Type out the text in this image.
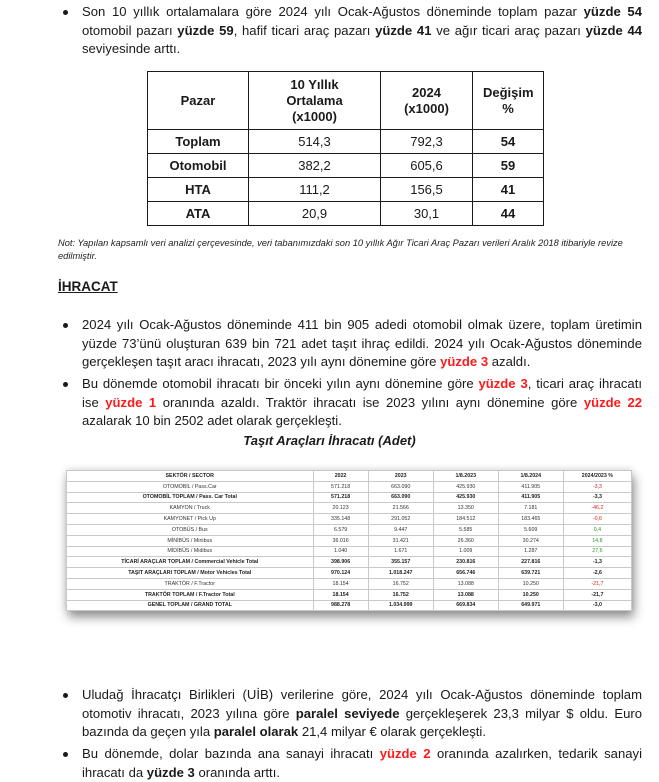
Son 10 yıllık ortalamalara göre 2024 yılı Ocak-Ağustos döneminde toplam pazar yüzde 54 otomobil pazarı yüzde 59, hafif ticari araç pazarı yüzde 41 ve ağır ticari araç pazarı yüzde 44 seviyesinde arttı.
Pazar	10 Yıllık Ortalama (x1000)	2024 (x1000)	Değişim %
Toplam	514,3	792,3	54
Otomobil	382,2	605,6	59
HTA	111,2	156,5	41
ATA	20,9	30,1	44
Not: Yapılan kapsamlı veri analizi çerçevesinde, veri tabanımızdaki son 10 yıllık Ağır Ticari Araç Pazarı verileri Aralık 2018 itibariyle revize edilmiştir.
İHRACAT
2024 yılı Ocak-Ağustos döneminde 411 bin 905 adedi otomobil olmak üzere, toplam üretimin yüzde 73’ünü oluşturan 639 bin 721 adet taşıt ihraç edildi. 2024 yılı Ocak-Ağustos döneminde gerçekleşen taşıt aracı ihracatı, 2023 yılı aynı dönemine göre yüzde 3 azaldı.
Bu dönemde otomobil ihracatı bir önceki yılın aynı dönemine göre yüzde 3, ticari araç ihracatı ise yüzde 1 oranında azaldı. Traktör ihracatı ise 2023 yılını aynı dönemine göre yüzde 22 azalarak 10 bin 2502 adet olarak gerçekleşti.
Taşıt Araçları İhracatı (Adet)
SEKTÖR / SECTOR	2022	2023	1/8.2023	1/8.2024	2024/2023 %
OTOMOBİL / Pass.Car	571.218	663.090	425.930	411.905	-3,3
OTOMOBİL TOPLAM / Pass. Car Total	571.218	663.090	425.930	411.905	-3,3
KAMYON / Truck	20.123	21.566	13.350	7.181	-46,2
KAMYONET / Pick Up	335.148	291.052	184.512	183.465	-0,6
OTOBÜS / Bus	6.579	9.447	5.585	5.609	0,4
MİNİBÜS / Minibus	36.016	31.421	26.360	30.274	14,8
MİDİBÜS / Midibus	1.040	1.671	1.009	1.287	27,6
TİCARİ ARAÇLAR TOPLAM / Commercial Vehicle Total	398.906	355.157	230.816	227.816	-1,3
TAŞIT ARAÇLARI TOPLAM / Motor Vehicles Total	970.124	1.018.247	656.746	639.721	-2,6
TRAKTÖR / F.Tractor	18.154	16.752	13.088	10.250	-21,7
TRAKTÖR TOPLAM / F.Tractor Total	18.154	16.752	13.088	10.250	-21,7
GENEL TOPLAM / GRAND TOTAL	988.278	1.034.999	669.834	649.971	-3,0
Uludağ İhracatçı Birlikleri (UİB) verilerine göre, 2024 yılı Ocak-Ağustos döneminde toplam otomotiv ihracatı, 2023 yılına göre paralel seviyede gerçekleşerek 23,3 milyar $ oldu. Euro bazında da geçen yıla paralel olarak 21,4 milyar € olarak gerçekleşti.
Bu dönemde, dolar bazında ana sanayi ihracatı yüzde 2 oranında azalırken, tedarik sanayi ihracatı da yüzde 3 oranında arttı.
